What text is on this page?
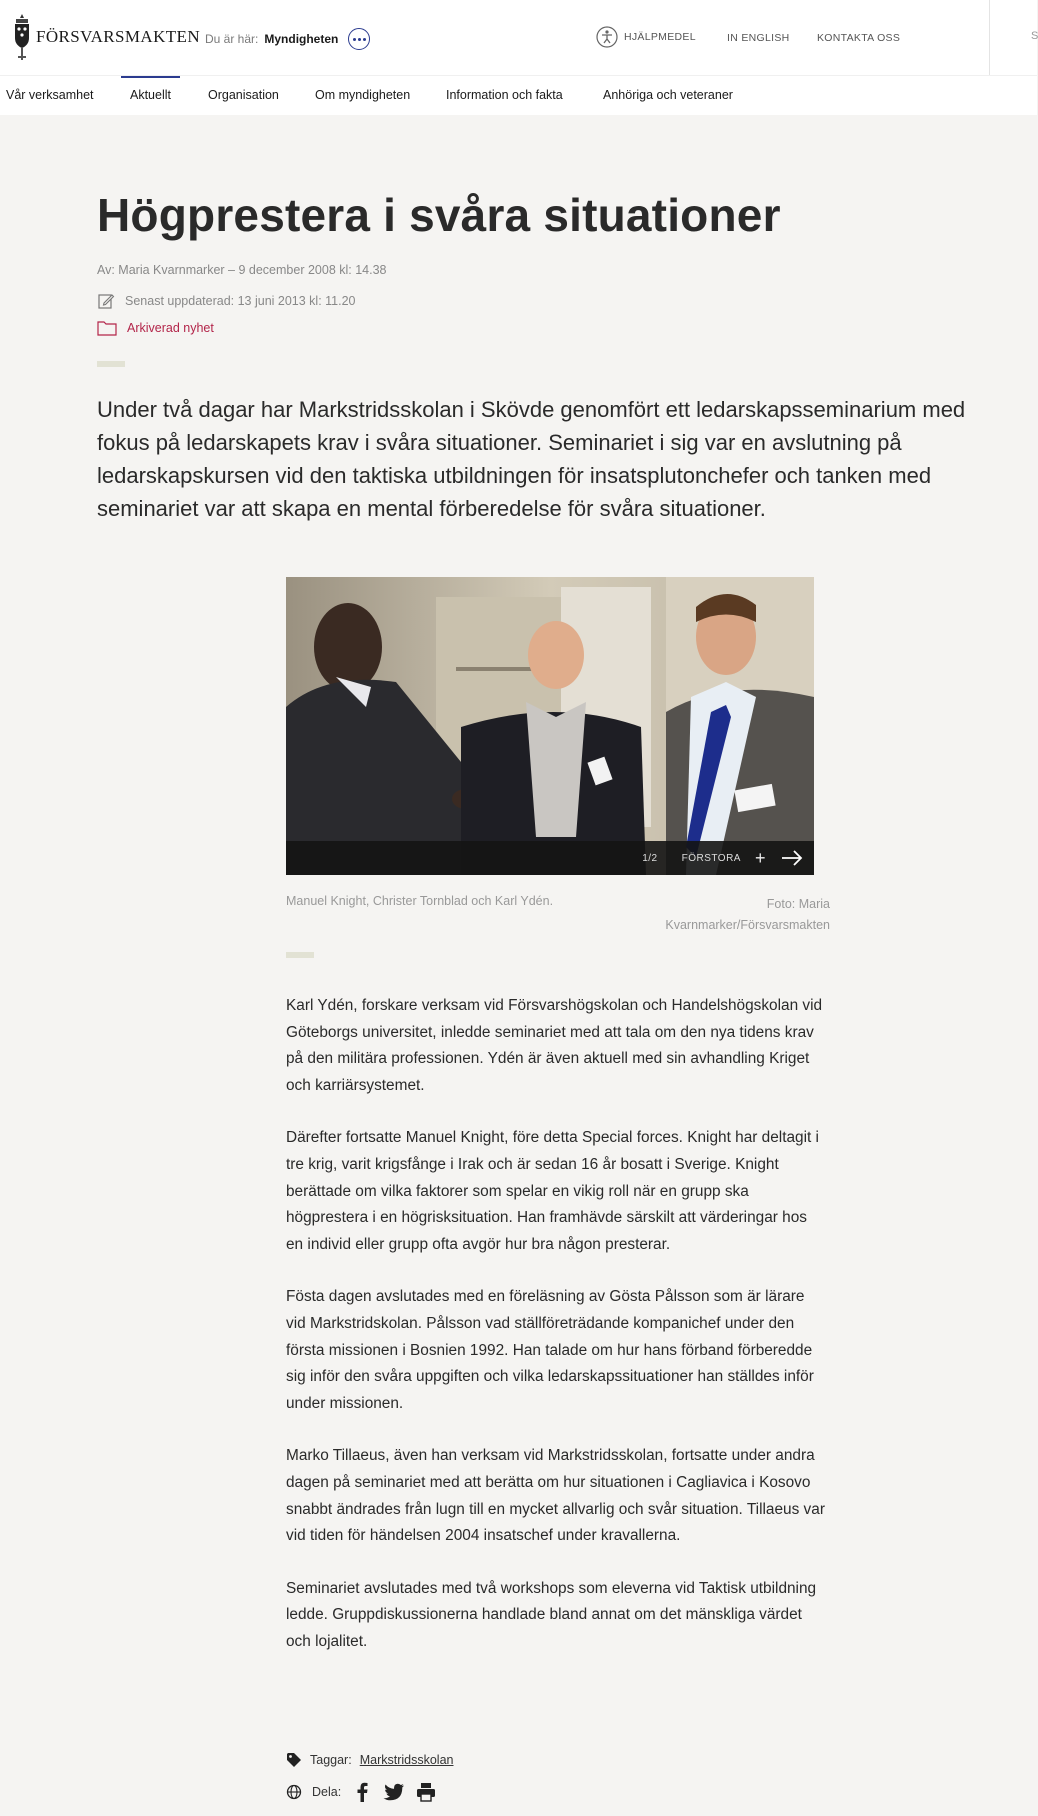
FÖRSVARSMAKTEN Du är här: Myndigheten	HJÄLPMEDEL	IN ENGLISH	KONTAKTA OSS	S
Vår verksamhet	Aktuellt	Organisation	Om myndigheten	Information och fakta	Anhöriga och veteraner
Högprestera i svåra situationer
Av: Maria Kvarnmarker – 9 december 2008 kl: 14.38
Senast uppdaterad: 13 juni 2013 kl: 11.20
Arkiverad nyhet

Under två dagar har Markstridsskolan i Skövde genomfört ett ledarskapsseminarium med fokus på ledarskapets krav i svåra situationer. Seminariet i sig var en avslutning på ledarskapskursen vid den taktiska utbildningen för insatsplutonchefer och tanken med seminariet var att skapa en mental förberedelse för svåra situationer.

1/2 FÖRSTORA +
Manuel Knight, Christer Tornblad och Karl Ydén.	Foto: Maria Kvarnmarker/Försvarsmakten

Karl Ydén, forskare verksam vid Försvarshögskolan och Handelshögskolan vid Göteborgs universitet, inledde seminariet med att tala om den nya tidens krav på den militära professionen. Ydén är även aktuell med sin avhandling Kriget och karriärsystemet.

Därefter fortsatte Manuel Knight, före detta Special forces. Knight har deltagit i tre krig, varit krigsfånge i Irak och är sedan 16 år bosatt i Sverige. Knight berättade om vilka faktorer som spelar en vikig roll när en grupp ska högprestera i en högrisksituation. Han framhävde särskilt att värderingar hos en individ eller grupp ofta avgör hur bra någon presterar.

Fösta dagen avslutades med en föreläsning av Gösta Pålsson som är lärare vid Markstridskolan. Pålsson vad ställföreträdande kompanichef under den första missionen i Bosnien 1992. Han talade om hur hans förband förberedde sig inför den svåra uppgiften och vilka ledarskapssituationer han ställdes inför under missionen.

Marko Tillaeus, även han verksam vid Markstridsskolan, fortsatte under andra dagen på seminariet med att berätta om hur situationen i Cagliavica i Kosovo snabbt ändrades från lugn till en mycket allvarlig och svår situation. Tillaeus var vid tiden för händelsen 2004 insatschef under kravallerna.

Seminariet avslutades med två workshops som eleverna vid Taktisk utbildning ledde. Gruppdiskussionerna handlade bland annat om det mänskliga värdet och lojalitet.

Taggar: Markstridsskolan
Dela:
